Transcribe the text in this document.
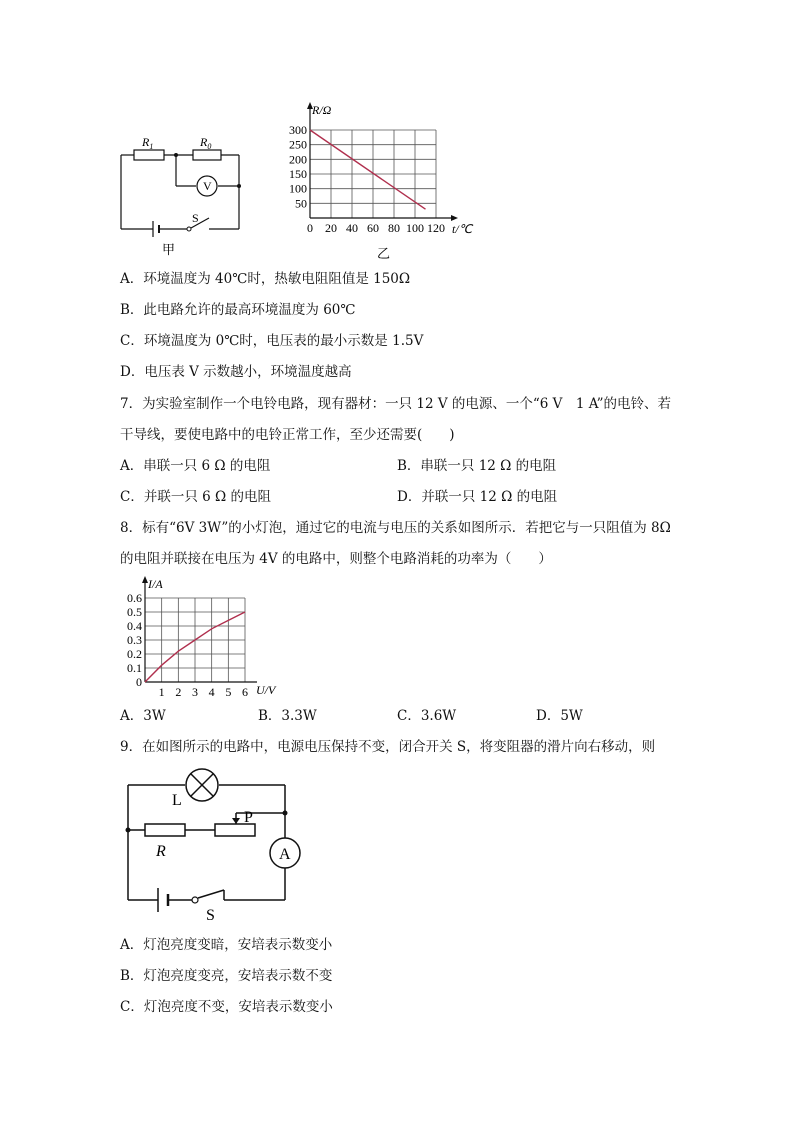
$R_1$	$R_0$
V
S
甲
300
250
200
150
100
50
0 20 40 60 80 100 120
R/Ω
t/℃
乙
A．环境温度为 40℃时，热敏电阻阻值是 150Ω
B．此电路允许的最高环境温度为 60℃
C．环境温度为 0℃时，电压表的最小示数是 1.5V
D．电压表 V 示数越小，环境温度越高
7．为实验室制作一个电铃电路，现有器材：一只 12 V 的电源、一个“6 V　1 A”的电铃、若
干导线，要使电路中的电铃正常工作，至少还需要(　　)
A．串联一只 6 Ω 的电阻	B．串联一只 12 Ω 的电阻
C．并联一只 6 Ω 的电阻	D．并联一只 12 Ω 的电阻
8．标有“6V 3W”的小灯泡，通过它的电流与电压的关系如图所示．若把它与一只阻值为 8Ω
的电阻并联接在电压为 4V 的电路中，则整个电路消耗的功率为（　　）
0.6
0.5
0.4
0.3
0.2
0.1
0
1 2 3 4 5 6
I/A
U/V
A．3W	B．3.3W	C．3.6W	D．5W
9．在如图所示的电路中，电源电压保持不变，闭合开关 S，将变阻器的滑片向右移动，则
L
R
P
A
S
A．灯泡亮度变暗，安培表示数变小
B．灯泡亮度变亮，安培表示数不变
C．灯泡亮度不变，安培表示数变小
